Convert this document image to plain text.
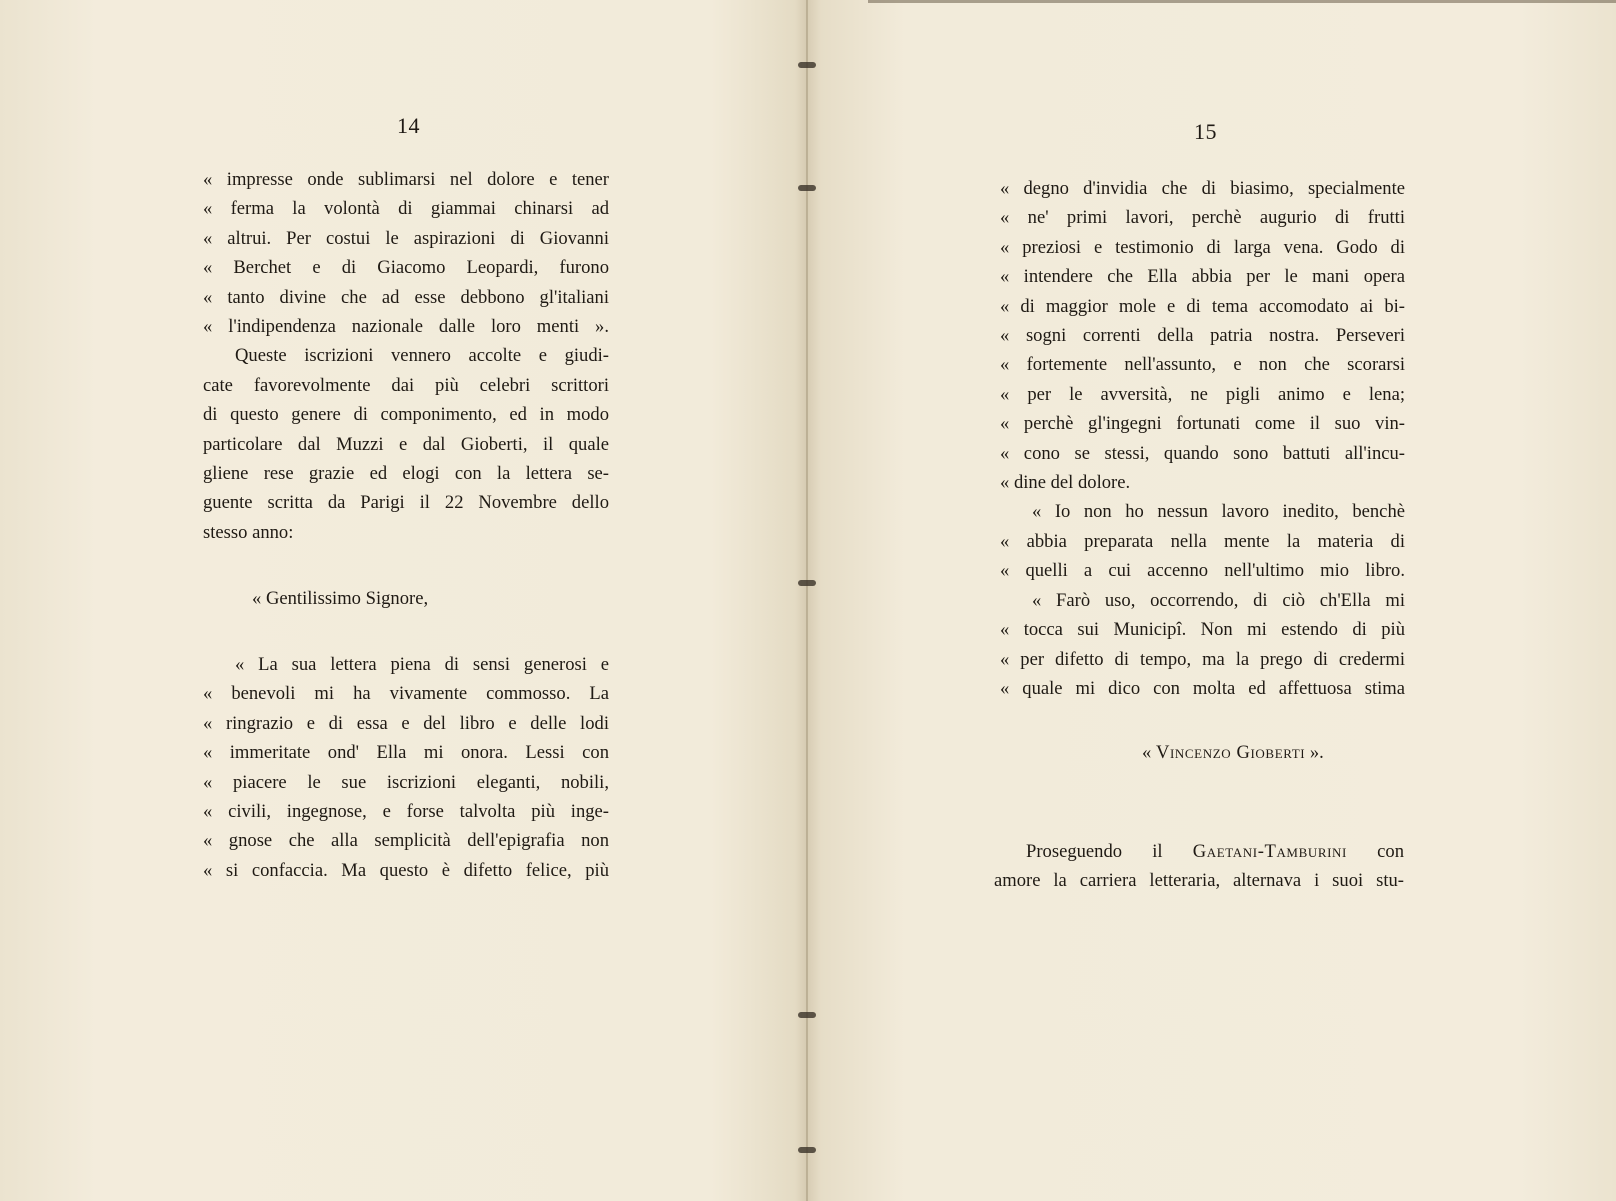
14
« impresse onde sublimarsi nel dolore e tener
« ferma la volontà di giammai chinarsi ad
« altrui. Per costui le aspirazioni di Giovanni
« Berchet e di Giacomo Leopardi, furono
« tanto divine che ad esse debbono gl'italiani
« l'indipendenza nazionale dalle loro menti ».
Queste iscrizioni vennero accolte e giudi-
cate favorevolmente dai più celebri scrittori
di questo genere di componimento, ed in modo
particolare dal Muzzi e dal Gioberti, il quale
gliene rese grazie ed elogi con la lettera se-
guente scritta da Parigi il 22 Novembre dello
stesso anno:
« Gentilissimo Signore,
« La sua lettera piena di sensi generosi e
« benevoli mi ha vivamente commosso. La
« ringrazio e di essa e del libro e delle lodi
« immeritate ond' Ella mi onora. Lessi con
« piacere le sue iscrizioni eleganti, nobili,
« civili, ingegnose, e forse talvolta più inge-
« gnose che alla semplicità dell'epigrafia non
« si confaccia. Ma questo è difetto felice, più
15
« degno d'invidia che di biasimo, specialmente
« ne' primi lavori, perchè augurio di frutti
« preziosi e testimonio di larga vena. Godo di
« intendere che Ella abbia per le mani opera
« di maggior mole e di tema accomodato ai bi-
« sogni correnti della patria nostra. Perseveri
« fortemente nell'assunto, e non che scorarsi
« per le avversità, ne pigli animo e lena;
« perchè gl'ingegni fortunati come il suo vin-
« cono se stessi, quando sono battuti all'incu-
« dine del dolore.
« Io non ho nessun lavoro inedito, benchè
« abbia preparata nella mente la materia di
« quelli a cui accenno nell'ultimo mio libro.
« Farò uso, occorrendo, di ciò ch'Ella mi
« tocca sui Municipî. Non mi estendo di più
« per difetto di tempo, ma la prego di credermi
« quale mi dico con molta ed affettuosa stima
« Vincenzo Gioberti ».
Proseguendo il Gaetani-Tamburini con
amore la carriera letteraria, alternava i suoi stu-
